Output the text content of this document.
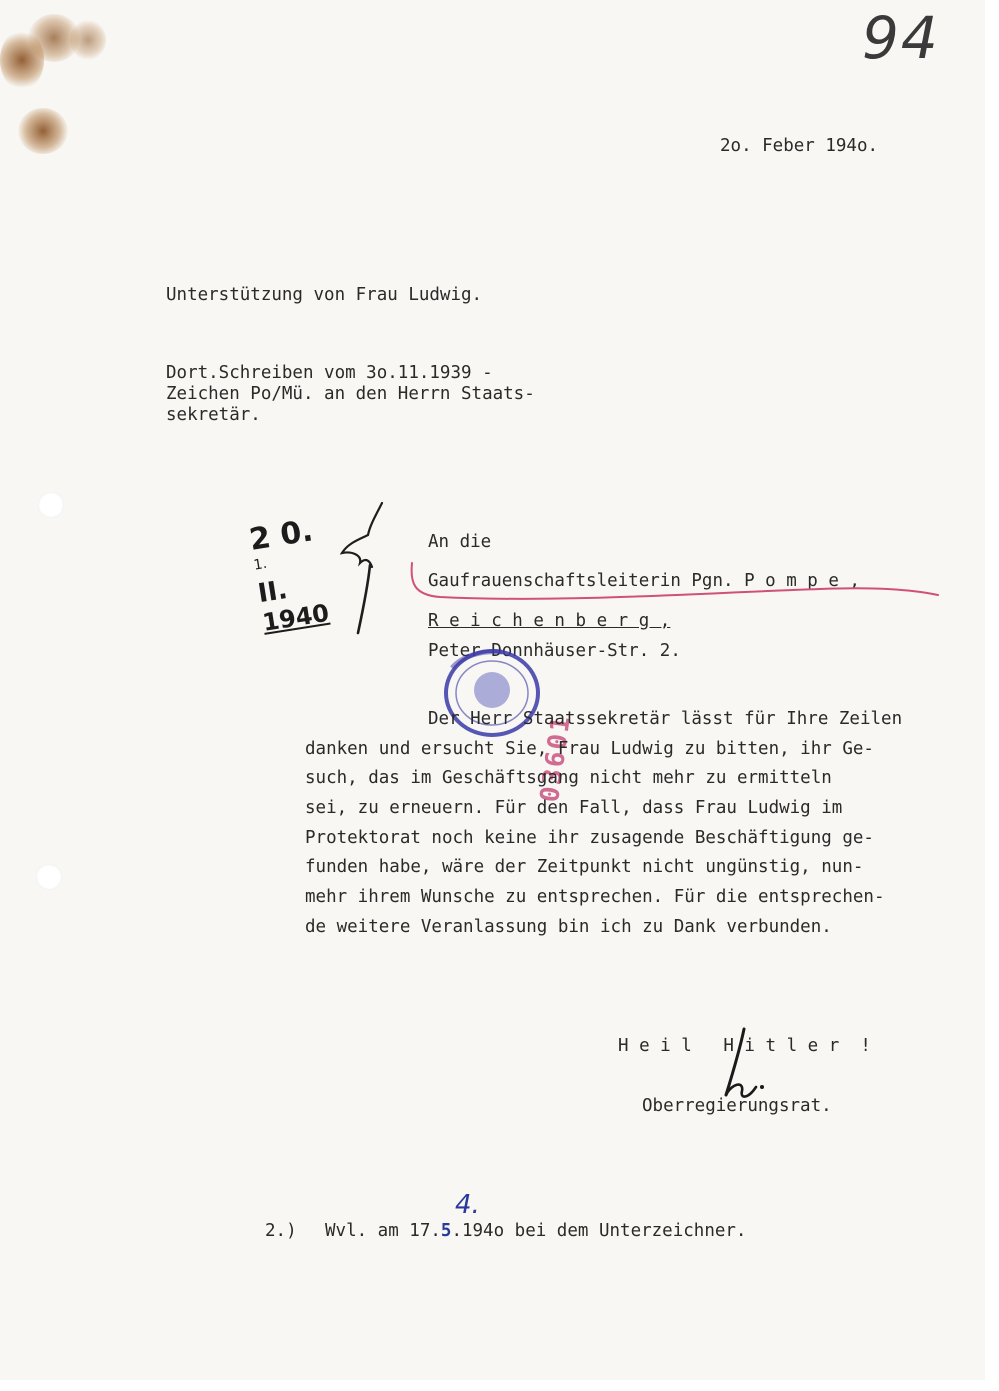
94
2o. Feber 194o.
Unterstützung von Frau Ludwig.
Dort.Schreiben vom 3o.11.1939 -
Zeichen Po/Mü. an den Herrn Staats-
sekretär.

2 0.
$^{1.}$
II.
1940

An die
Gaufrauenschaftsleiterin Pgn. P o m p e ,
R e i c h e n b e r g ,
Peter Donnhäuser-Str. 2.
03601
Der Herr Staatssekretär lässt für Ihre Zeilen
danken und ersucht Sie, Frau Ludwig zu bitten, ihr Ge-
such, das im Geschäftsgang nicht mehr zu ermitteln
sei, zu erneuern. Für den Fall, dass Frau Ludwig im
Protektorat noch keine ihr zusagende Beschäftigung ge-
funden habe, wäre der Zeitpunkt nicht ungünstig, nun-
mehr ihrem Wunsche zu entsprechen. Für die entsprechen-
de weitere Veranlassung bin ich zu Dank verbunden.
H e i l   H i t l e r  !
Oberregierungsrat.
2.) Wvl. am 17.5.194o bei dem Unterzeichner.
4.
